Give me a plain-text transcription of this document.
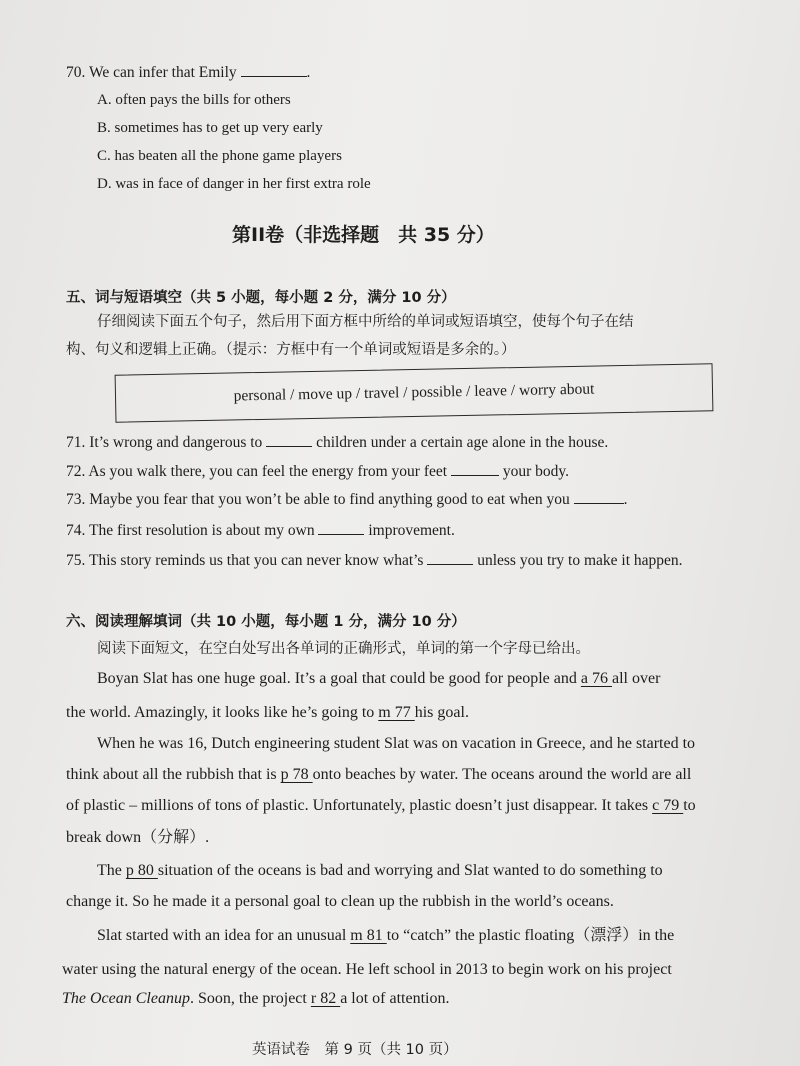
70. We can infer that Emily	.
A. often pays the bills for others
B. sometimes has to get up very early
C. has beaten all the phone game players
D. was in face of danger in her first extra role
第II卷（非选择题　共 35 分）
五、词与短语填空（共 5 小题，每小题 2 分，满分 10 分）
仔细阅读下面五个句子，然后用下面方框中所给的单词或短语填空，使每个句子在结
构、句义和逻辑上正确。（提示：方框中有一个单词或短语是多余的。）
personal / move up / travel / possible / leave / worry about
71. It’s wrong and dangerous to	children under a certain age alone in the house.
72. As you walk there, you can feel the energy from your feet	your body.
73. Maybe you fear that you won’t be able to find anything good to eat when you	.
74. The first resolution is about my own	improvement.
75. This story reminds us that you can never know what’s	unless you try to make it happen.
六、阅读理解填词（共 10 小题，每小题 1 分，满分 10 分）
阅读下面短文，在空白处写出各单词的正确形式，单词的第一个字母已给出。
Boyan Slat has one huge goal. It’s a goal that could be good for people and a 76 all over
the world. Amazingly, it looks like he’s going to m 77 his goal.
When he was 16, Dutch engineering student Slat was on vacation in Greece, and he started to
think about all the rubbish that is p 78 onto beaches by water. The oceans around the world are all
of plastic – millions of tons of plastic. Unfortunately, plastic doesn’t just disappear. It takes c 79 to
break down（分解）.
The p 80 situation of the oceans is bad and worrying and Slat wanted to do something to
change it. So he made it a personal goal to clean up the rubbish in the world’s oceans.
Slat started with an idea for an unusual m 81 to “catch” the plastic floating（漂浮）in the
water using the natural energy of the ocean. He left school in 2013 to begin work on his project
The Ocean Cleanup. Soon, the project r 82 a lot of attention.
英语试卷　第 9 页（共 10 页）
